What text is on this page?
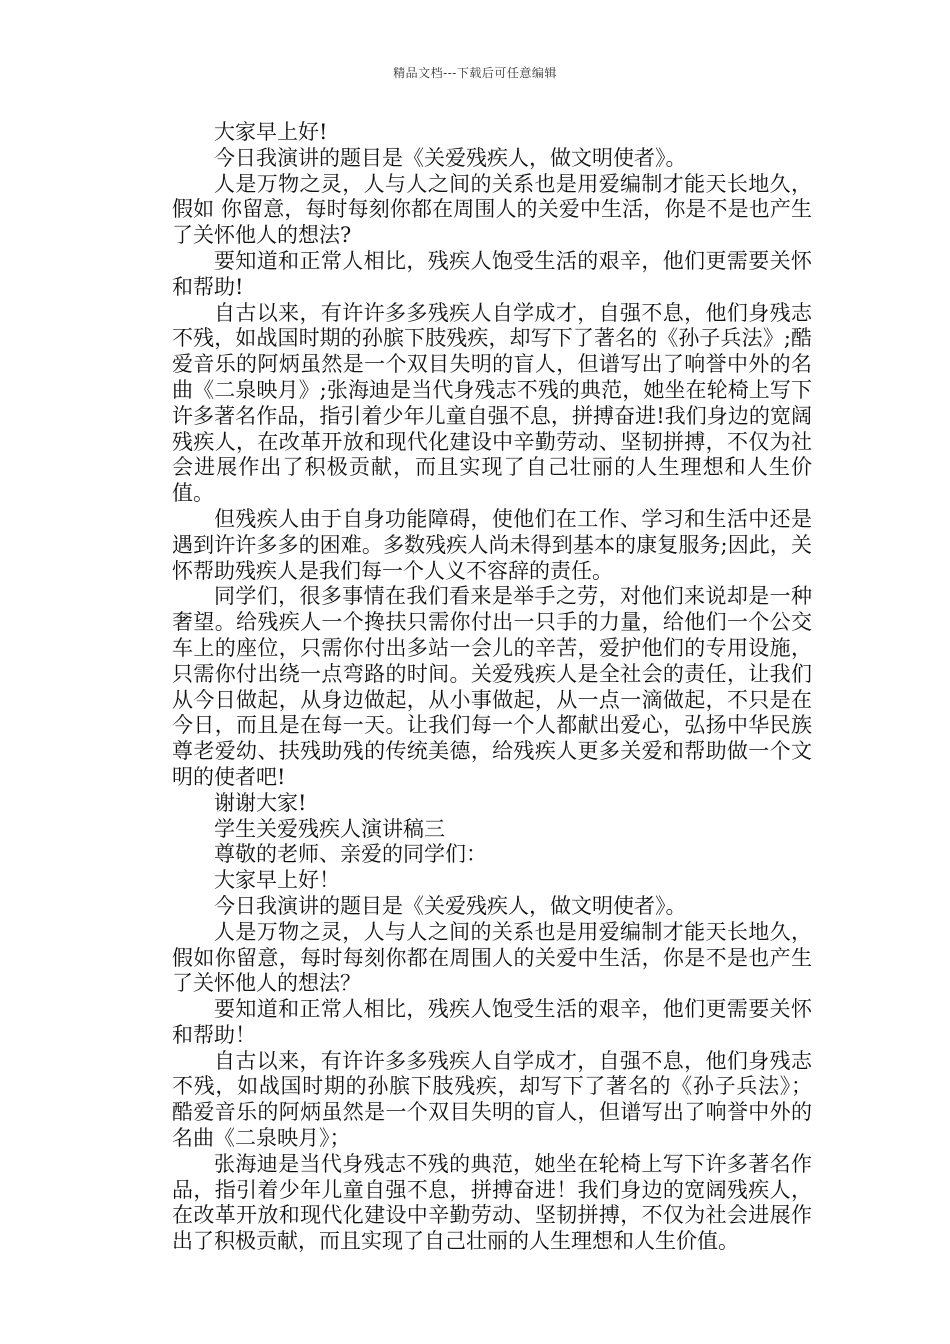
精品文档---下载后可任意编辑

大家早上好!

今日我演讲的题目是《关爱残疾人，做文明使者》。

人是万物之灵，人与人之间的关系也是用爱编制才能天长地久，假如 你留意，每时每刻你都在周围人的关爱中生活，你是不是也产生了关怀他人的想法?

要知道和正常人相比，残疾人饱受生活的艰辛，他们更需要关怀和帮助!

自古以来，有许许多多残疾人自学成才，自强不息，他们身残志不残，如战国时期的孙膑下肢残疾，却写下了著名的《孙子兵法》;酷爱音乐的阿炳虽然是一个双目失明的盲人，但谱写出了响誉中外的名曲《二泉映月》;张海迪是当代身残志不残的典范，她坐在轮椅上写下许多著名作品，指引着少年儿童自强不息，拼搏奋进!我们身边的宽阔残疾人，在改革开放和现代化建设中辛勤劳动、坚韧拼搏，不仅为社会进展作出了积极贡献，而且实现了自己壮丽的人生理想和人生价值。

但残疾人由于自身功能障碍，使他们在工作、学习和生活中还是遇到许许多多的困难。多数残疾人尚未得到基本的康复服务;因此，关怀帮助残疾人是我们每一个人义不容辞的责任。

同学们，很多事情在我们看来是举手之劳，对他们来说却是一种奢望。给残疾人一个搀扶只需你付出一只手的力量，给他们一个公交车上的座位，只需你付出多站一会儿的辛苦，爱护他们的专用设施，只需你付出绕一点弯路的时间。关爱残疾人是全社会的责任，让我们从今日做起，从身边做起，从小事做起，从一点一滴做起，不只是在今日，而且是在每一天。让我们每一个人都献出爱心，弘扬中华民族尊老爱幼、扶残助残的传统美德，给残疾人更多关爱和帮助做一个文明的使者吧!

谢谢大家!

学生关爱残疾人演讲稿三

尊敬的老师、亲爱的同学们：

大家早上好！

今日我演讲的题目是《关爱残疾人，做文明使者》。

人是万物之灵，人与人之间的关系也是用爱编制才能天长地久，假如你留意，每时每刻你都在周围人的关爱中生活，你是不是也产生了关怀他人的想法？

要知道和正常人相比，残疾人饱受生活的艰辛，他们更需要关怀和帮助！

自古以来，有许许多多残疾人自学成才，自强不息，他们身残志不残，如战国时期的孙膑下肢残疾，却写下了著名的《孙子兵法》；酷爱音乐的阿炳虽然是一个双目失明的盲人，但谱写出了响誉中外的名曲《二泉映月》；

张海迪是当代身残志不残的典范，她坐在轮椅上写下许多著名作品，指引着少年儿童自强不息，拼搏奋进！我们身边的宽阔残疾人，在改革开放和现代化建设中辛勤劳动、坚韧拼搏，不仅为社会进展作出了积极贡献，而且实现了自己壮丽的人生理想和人生价值。
